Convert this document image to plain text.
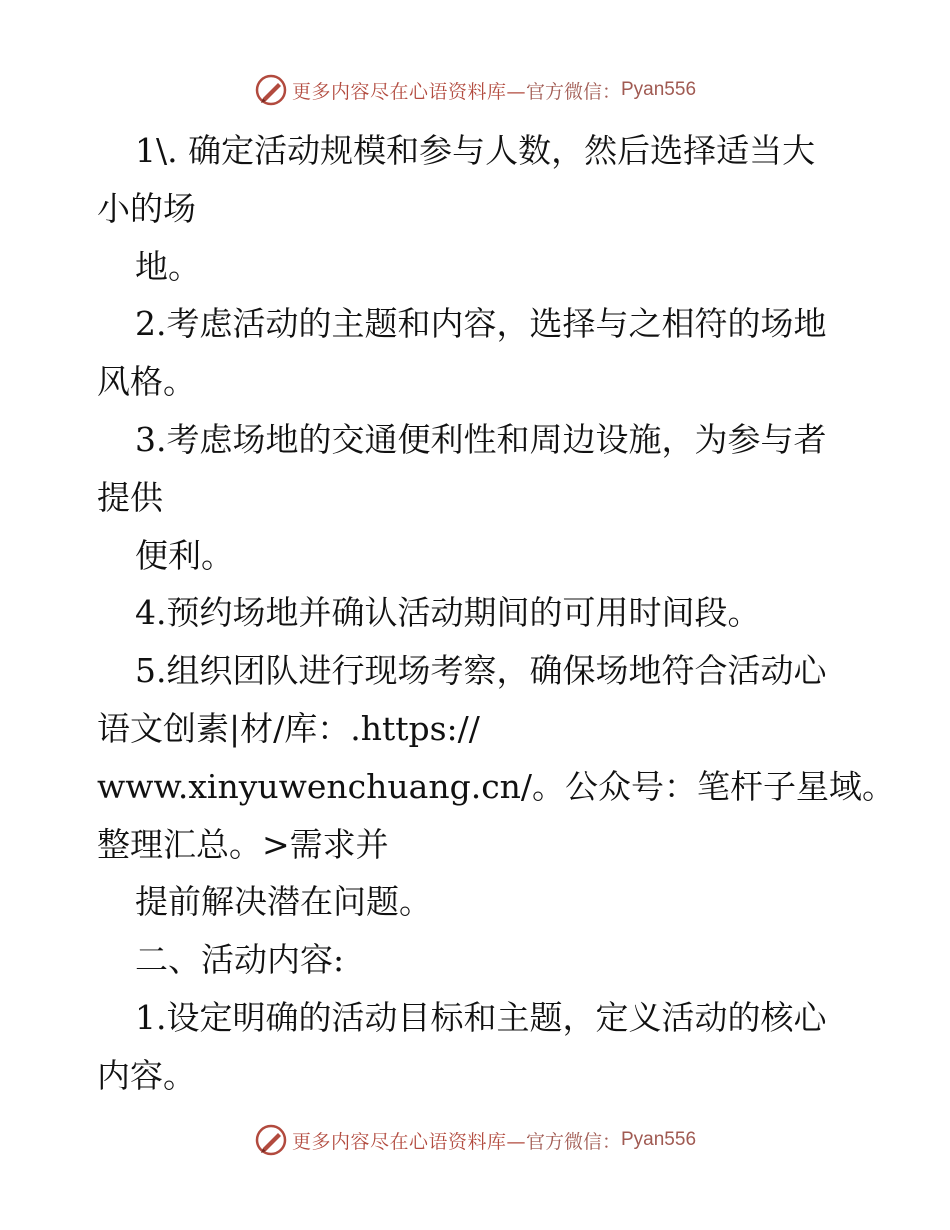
更多内容尽在心语资料库— 官方微信： Pyan556
1\. 确定活动规模和参与人数，然后选择适当大
小的场
地。
2.考虑活动的主题和内容，选择与之相符的场地
风格。
3.考虑场地的交通便利性和周边设施，为参与者
提供
便利。
4.预约场地并确认活动期间的可用时间段。
5.组织团队进行现场考察，确保场地符合活动心
语文创素|材/库：.https://
www.xinyuwenchuang.cn/。公众号：笔杆子星域。
整理汇总。>需求并
提前解决潜在问题。
二、活动内容:
1.设定明确的活动目标和主题，定义活动的核心
内容。
更多内容尽在心语资料库— 官方微信： Pyan556
